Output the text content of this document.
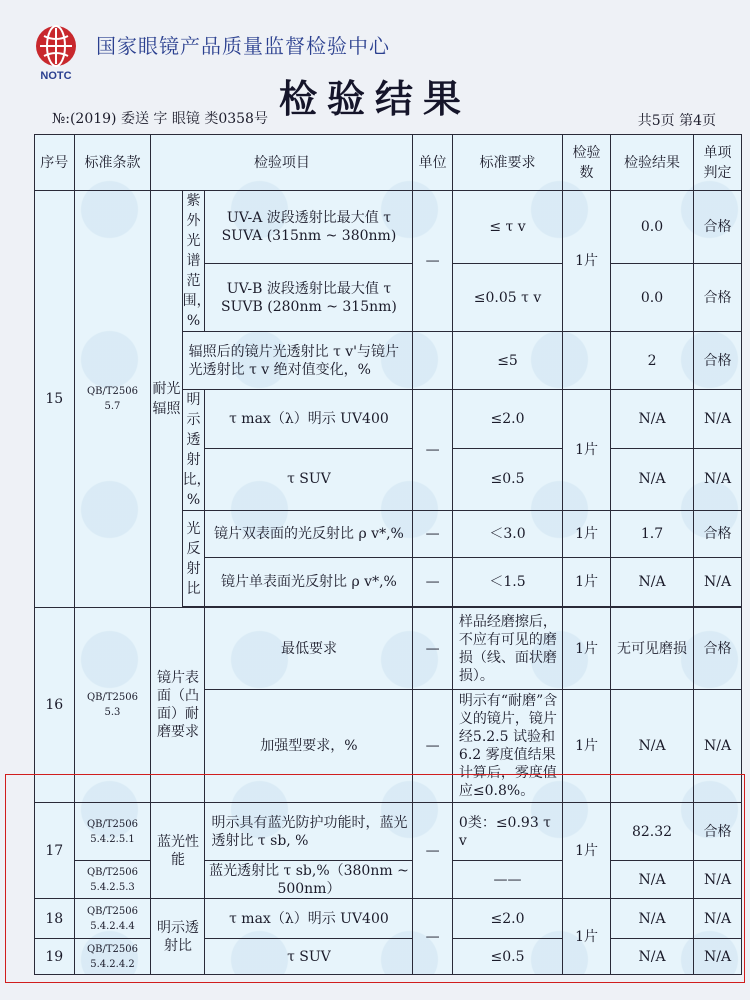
NOTC
国家眼镜产品质量监督检验中心
检验结果
№:(2019) 委送 字 眼镜 类0358号	共5页 第4页
序号	标准条款	检验项目			单位	标准要求	检验数	检验结果	单项判定
15	QB/T2506 5.7	耐光辐照	紫外光谱范围，%	UV-A 波段透射比最大值 τ SUVA (315nm ~ 380nm)	—	≤ τ v	1片	0.0	合格
				UV-B 波段透射比最大值 τ SUVB (280nm ~ 315nm)		≤0.05 τ v		0.0	合格
			辐照后的镜片光透射比 τ v'与镜片光透射比 τ v 绝对值变化，%			≤5		2	合格
			明示透射比，%	τ max（λ）明示 UV400	—	≤2.0	1片	N/A	N/A
				τ SUV		≤0.5		N/A	N/A
			光反射比	镜片双表面的光反射比 ρ v*,%	—	＜3.0	1片	1.7	合格
				镜片单表面光反射比 ρ v*,%	—	＜1.5	1片	N/A	N/A

16	QB/T2506 5.3	镜片表面（凸面）耐磨要求		最低要求	—	样品经磨擦后，不应有可见的磨损（线、面状磨损）。	1片	无可见磨损	合格
				加强型要求，%	—	明示有“耐磨”含义的镜片，镜片经5.2.5 试验和 6.2 雾度值结果计算后，雾度值应≤0.8%。	1片	N/A	N/A
17	QB/T2506 5.4.2.5.1	蓝光性能		明示具有蓝光防护功能时，蓝光透射比 τ sb, %	—	0类：≤0.93 τ v	1片	82.32	合格
	QB/T2506 5.4.2.5.3			蓝光透射比 τ sb,%（380nm ~ 500nm）		——		N/A	N/A
18	QB/T2506 5.4.2.4.4	明示透射比		τ max（λ）明示 UV400	—	≤2.0	1片	N/A	N/A
19	QB/T2506 5.4.2.4.2			τ SUV		≤0.5		N/A	N/A
